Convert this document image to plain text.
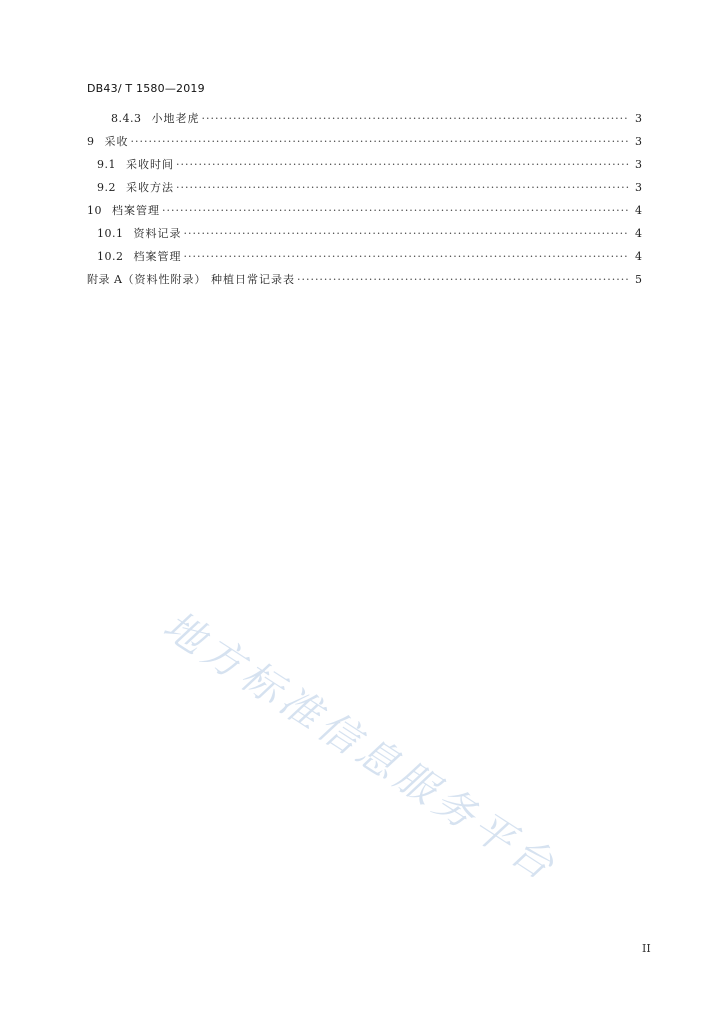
DB43/ T 1580—2019
8.4.3 小地老虎 ·····	3
9 采收 ·····	3
9.1 采收时间 ·····	3
9.2 采收方法 ·····	3
10 档案管理 ·····	4
10.1 资料记录 ·····	4
10.2 档案管理 ·····	4
附录 A （资料性附录） 种植日常记录表 ·····	5
地方标准信息服务平台
II
